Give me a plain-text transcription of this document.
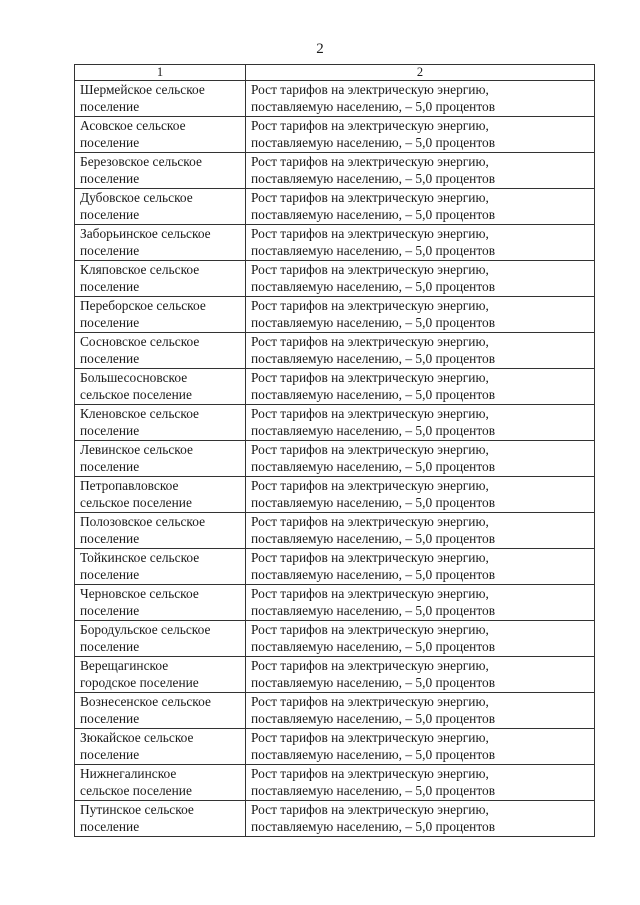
2
1	2

Шермейское сельское
поселение	Рост тарифов на электрическую энергию,
поставляемую населению, – 5,0 процентов

Асовское сельское
поселение	Рост тарифов на электрическую энергию,
поставляемую населению, – 5,0 процентов

Березовское сельское
поселение	Рост тарифов на электрическую энергию,
поставляемую населению, – 5,0 процентов

Дубовское сельское
поселение	Рост тарифов на электрическую энергию,
поставляемую населению, – 5,0 процентов

Заборьинское сельское
поселение	Рост тарифов на электрическую энергию,
поставляемую населению, – 5,0 процентов

Кляповское сельское
поселение	Рост тарифов на электрическую энергию,
поставляемую населению, – 5,0 процентов

Переборское сельское
поселение	Рост тарифов на электрическую энергию,
поставляемую населению, – 5,0 процентов

Сосновское сельское
поселение	Рост тарифов на электрическую энергию,
поставляемую населению, – 5,0 процентов

Большесосновское
сельское поселение	Рост тарифов на электрическую энергию,
поставляемую населению, – 5,0 процентов

Кленовское сельское
поселение	Рост тарифов на электрическую энергию,
поставляемую населению, – 5,0 процентов

Левинское сельское
поселение	Рост тарифов на электрическую энергию,
поставляемую населению, – 5,0 процентов

Петропавловское
сельское поселение	Рост тарифов на электрическую энергию,
поставляемую населению, – 5,0 процентов

Полозовское сельское
поселение	Рост тарифов на электрическую энергию,
поставляемую населению, – 5,0 процентов

Тойкинское сельское
поселение	Рост тарифов на электрическую энергию,
поставляемую населению, – 5,0 процентов

Черновское сельское
поселение	Рост тарифов на электрическую энергию,
поставляемую населению, – 5,0 процентов

Бородульское сельское
поселение	Рост тарифов на электрическую энергию,
поставляемую населению, – 5,0 процентов

Верещагинское
городское поселение	Рост тарифов на электрическую энергию,
поставляемую населению, – 5,0 процентов

Вознесенское сельское
поселение	Рост тарифов на электрическую энергию,
поставляемую населению, – 5,0 процентов

Зюкайское сельское
поселение	Рост тарифов на электрическую энергию,
поставляемую населению, – 5,0 процентов

Нижнегалинское
сельское поселение	Рост тарифов на электрическую энергию,
поставляемую населению, – 5,0 процентов

Путинское сельское
поселение	Рост тарифов на электрическую энергию,
поставляемую населению, – 5,0 процентов
